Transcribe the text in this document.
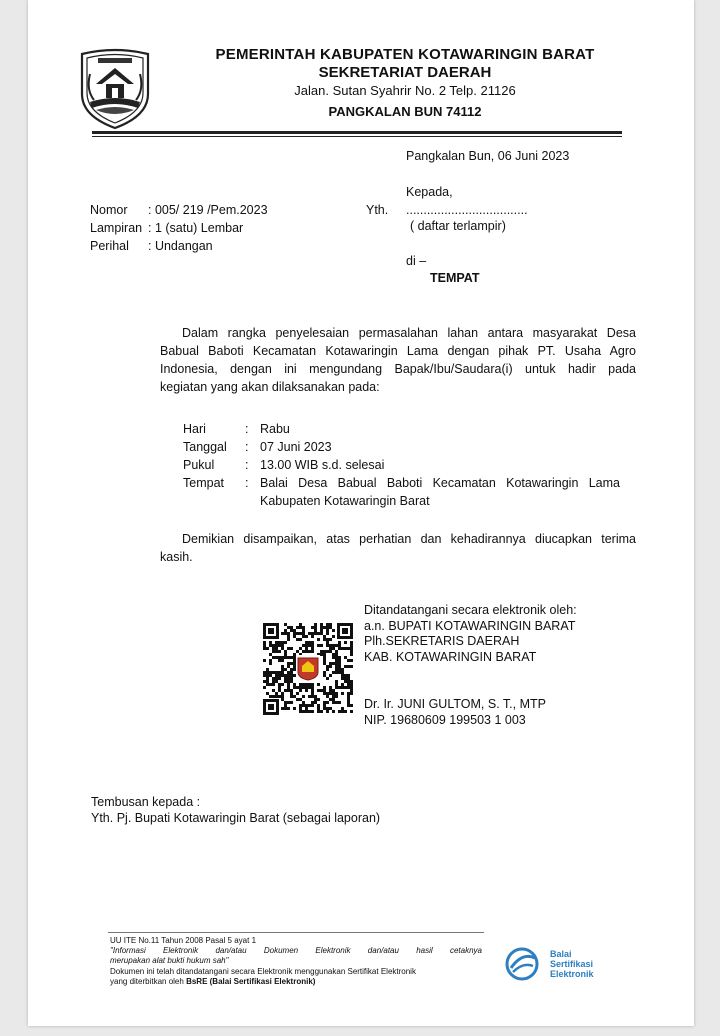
PEMERINTAH KABUPATEN KOTAWARINGIN BARAT
SEKRETARIAT DAERAH
Jalan. Sutan Syahrir No. 2 Telp. 21126
PANGKALAN BUN 74112
Pangkalan Bun, 06 Juni 2023
Kepada,
Yth. ...................................
( daftar terlampir)
di –
TEMPAT
Nomor : 005/ 219 /Pem.2023
Lampiran : 1 (satu) Lembar
Perihal : Undangan
Dalam rangka penyelesaian permasalahan lahan antara masyarakat Desa
Babual Baboti Kecamatan Kotawaringin Lama dengan pihak PT. Usaha Agro
Indonesia, dengan ini mengundang Bapak/Ibu/Saudara(i) untuk hadir pada
kegiatan yang akan dilaksanakan pada:
Hari	: Rabu
Tanggal : 07 Juni 2023
Pukul : 13.00 WIB s.d. selesai
Tempat : Balai Desa Babual Baboti Kecamatan Kotawaringin Lama
Kabupaten Kotawaringin Barat
Demikian disampaikan, atas perhatian dan kehadirannya diucapkan terima
kasih.
Ditandatangani secara elektronik oleh:
a.n. BUPATI KOTAWARINGIN BARAT
Plh.SEKRETARIS DAERAH
KAB. KOTAWARINGIN BARAT
Dr. Ir. JUNI GULTOM, S. T., MTP
NIP. 19680609 199503 1 003
Tembusan kepada :
Yth. Pj. Bupati Kotawaringin Barat (sebagai laporan)
UU ITE No.11 Tahun 2008 Pasal 5 ayat 1
"Informasi Elektronik dan/atau Dokumen Elektronik dan/atau hasil cetaknya
merupakan alat bukti hukum sah"
Dokumen ini telah ditandatangani secara Elektronik menggunakan Sertifikat Elektronik
yang diterbitkan oleh BsRE (Balai Sertifikasi Elektronik)
Balai
Sertifikasi
Elektronik
